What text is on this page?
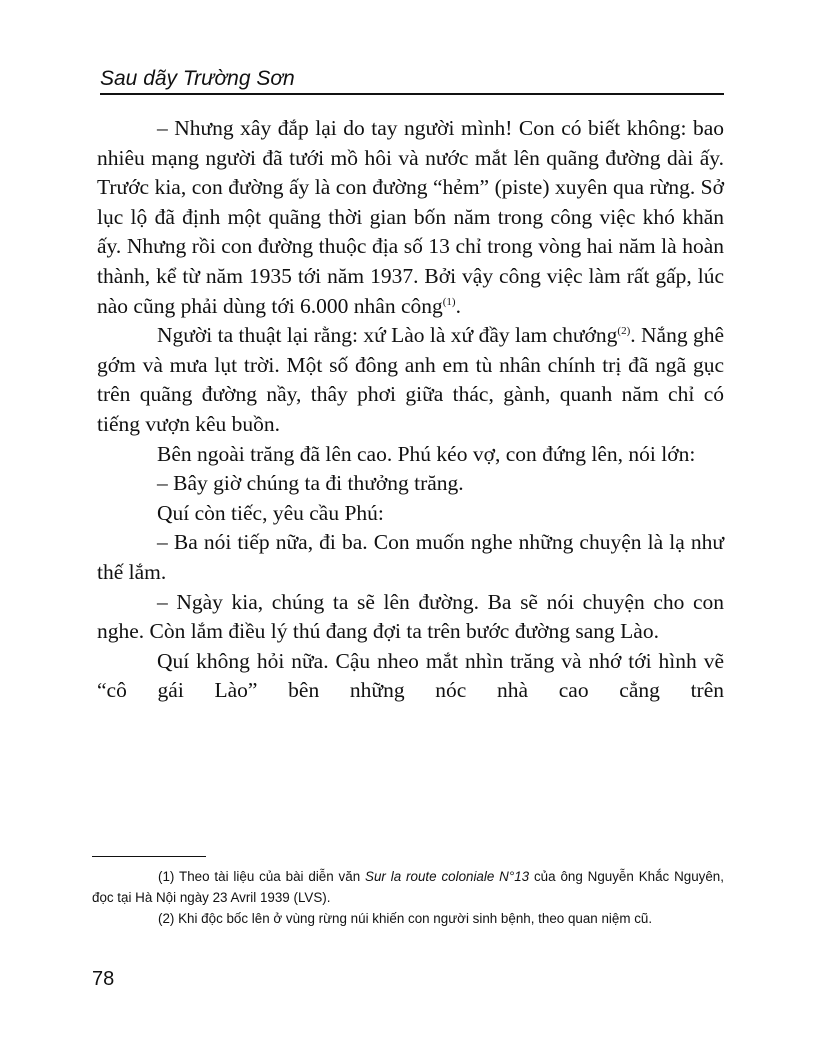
Sau dãy Trường Sơn

– Nhưng xây đắp lại do tay người mình! Con có biết không: bao nhiêu mạng người đã tưới mồ hôi và nước mắt lên quãng đường dài ấy. Trước kia, con đường ấy là con đường “hẻm” (piste) xuyên qua rừng. Sở lục lộ đã định một quãng thời gian bốn năm trong công việc khó khăn ấy. Nhưng rồi con đường thuộc địa số 13 chỉ trong vòng hai năm là hoàn thành, kể từ năm 1935 tới năm 1937. Bởi vậy công việc làm rất gấp, lúc nào cũng phải dùng tới 6.000 nhân công$^{(1)}$.

Người ta thuật lại rằng: xứ Lào là xứ đầy lam chướng$^{(2)}$. Nắng ghê gớm và mưa lụt trời. Một số đông anh em tù nhân chính trị đã ngã gục trên quãng đường nầy, thây phơi giữa thác, gành, quanh năm chỉ có tiếng vượn kêu buồn.

Bên ngoài trăng đã lên cao. Phú kéo vợ, con đứng lên, nói lớn:

– Bây giờ chúng ta đi thưởng trăng.

Quí còn tiếc, yêu cầu Phú:

– Ba nói tiếp nữa, đi ba. Con muốn nghe những chuyện là lạ như thế lắm.

– Ngày kia, chúng ta sẽ lên đường. Ba sẽ nói chuyện cho con nghe. Còn lắm điều lý thú đang đợi ta trên bước đường sang Lào.

Quí không hỏi nữa. Cậu nheo mắt nhìn trăng và nhớ tới hình vẽ “cô gái Lào” bên những nóc nhà cao cẳng trên

(1) Theo tài liệu của bài diễn văn Sur la route coloniale N°13 của ông Nguyễn Khắc Nguyên, đọc tại Hà Nội ngày 23 Avril 1939 (LVS).

(2) Khi độc bốc lên ở vùng rừng núi khiến con người sinh bệnh, theo quan niệm cũ.

78
